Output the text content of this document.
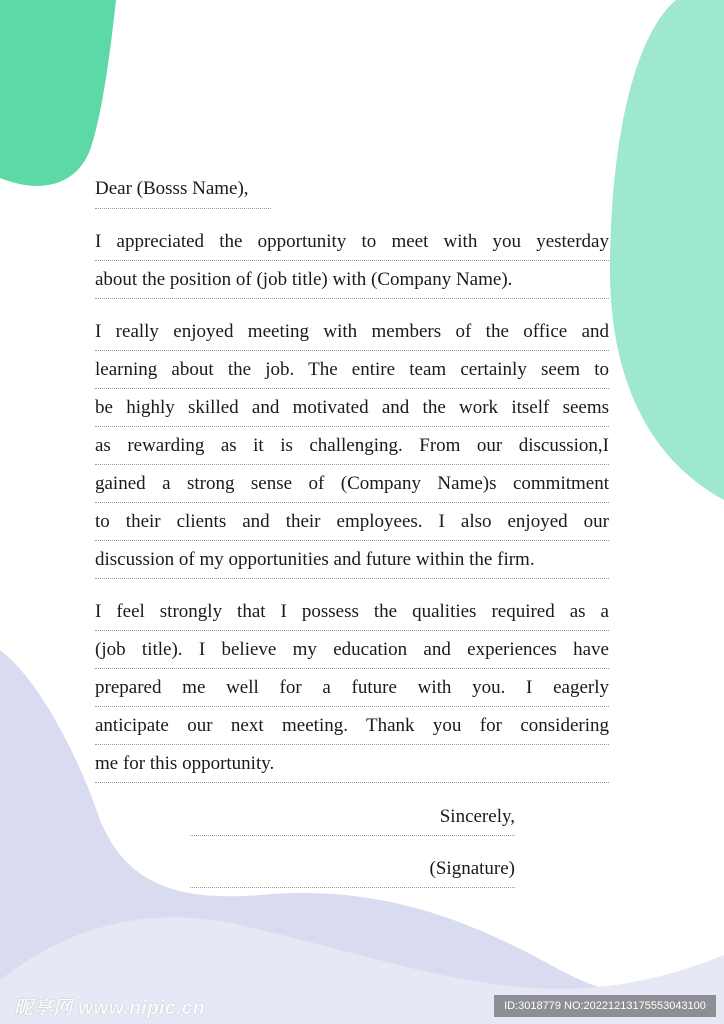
Dear (Bosss Name),
I appreciated the opportunity to meet with you yesterday
about the position of (job title) with (Company Name).
I really enjoyed meeting with members of the office and
learning about the job. The entire team certainly seem to
be highly skilled and motivated and the work itself seems
as rewarding as it is challenging. From our discussion,I
gained a strong sense of (Company Name)s commitment
to their clients and their employees. I also enjoyed our
discussion of my opportunities and future within the firm.
I feel strongly that I possess the qualities required as a
(job title). I believe my education and experiences have
prepared me well for a future with you. I eagerly
anticipate our next meeting. Thank you for considering
me for this opportunity.
Sincerely,
(Signature)
昵享网 www.nipic.cn	ID:3018779 NO:20221213175553043100
